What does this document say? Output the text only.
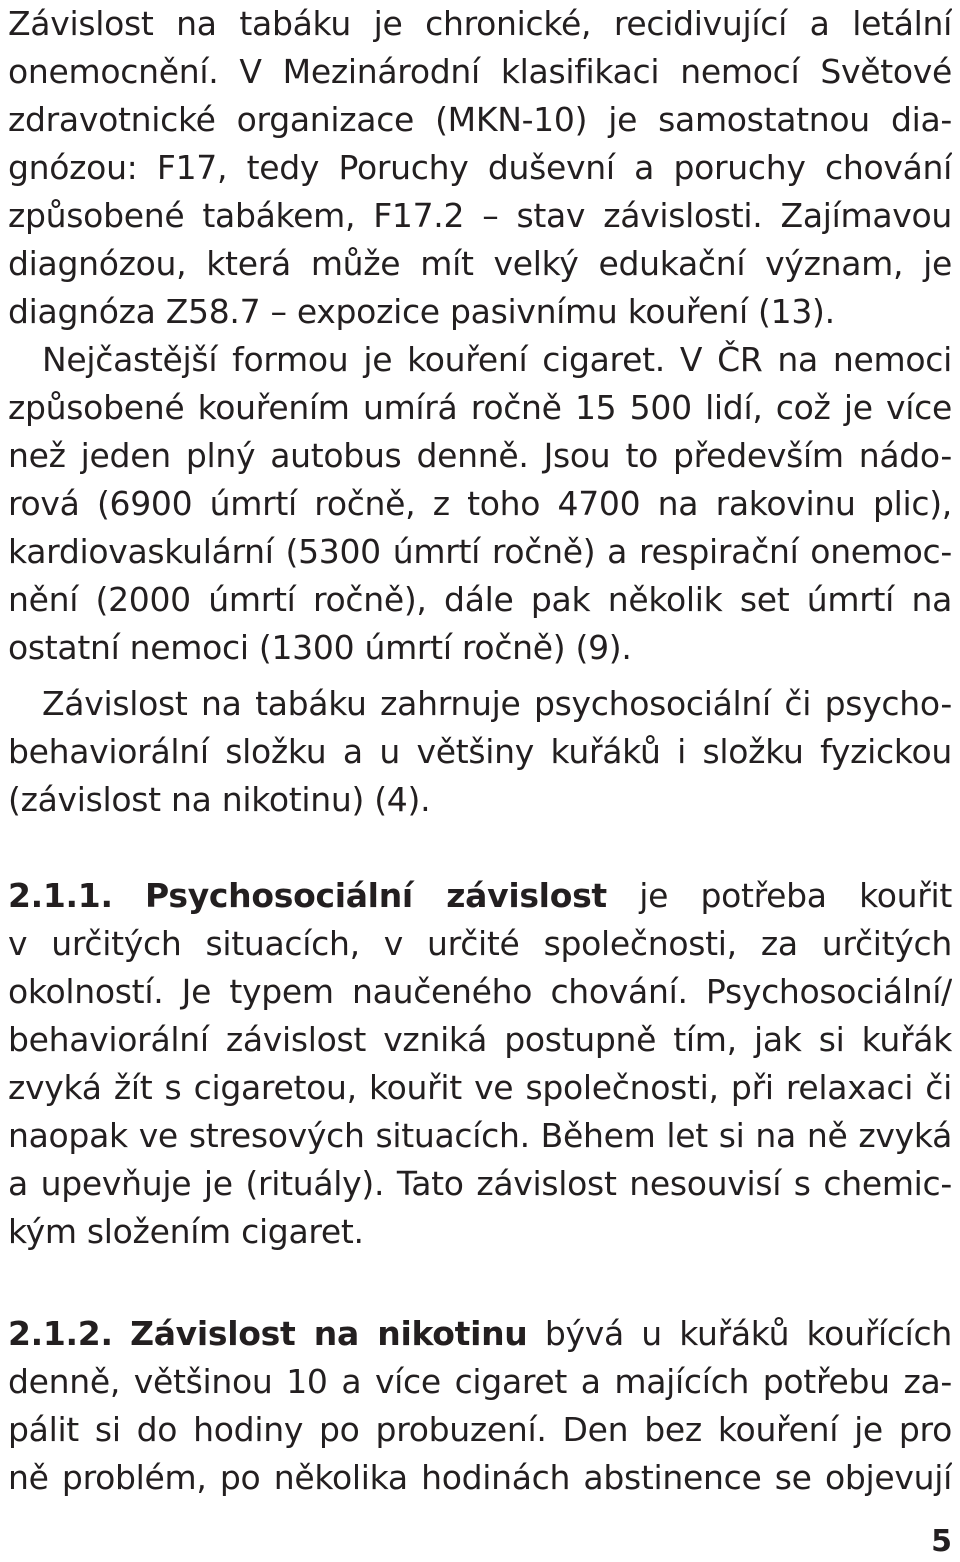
Závislost na tabáku je chronické, recidivující a letální
onemocnění. V Mezinárodní klasifikaci nemocí Světové
zdravotnické organizace (MKN-10) je samostatnou dia-
gnózou: F17, tedy Poruchy duševní a poruchy chování
způsobené tabákem, F17.2 – stav závislosti. Zajímavou
diagnózou, která může mít velký edukační význam, je
diagnóza Z58.7 – expozice pasivnímu kouření (13).
Nejčastější formou je kouření cigaret. V ČR na nemoci
způsobené kouřením umírá ročně 15 500 lidí, což je více
než jeden plný autobus denně. Jsou to především nádo-
rová (6900 úmrtí ročně, z toho 4700 na rakovinu plic),
kardiovaskulární (5300 úmrtí ročně) a respirační onemoc-
nění (2000 úmrtí ročně), dále pak několik set úmrtí na
ostatní nemoci (1300 úmrtí ročně) (9).
Závislost na tabáku zahrnuje psychosociální či psycho-
behaviorální složku a u většiny kuřáků i složku fyzickou
(závislost na nikotinu) (4).
2.1.1. Psychosociální závislost je potřeba kouřit
v určitých situacích, v určité společnosti, za určitých
okolností. Je typem naučeného chování. Psychosociální/
behaviorální závislost vzniká postupně tím, jak si kuřák
zvyká žít s cigaretou, kouřit ve společnosti, při relaxaci či
naopak ve stresových situacích. Během let si na ně zvyká
a upevňuje je (rituály). Tato závislost nesouvisí s chemic-
kým složením cigaret.
2.1.2. Závislost na nikotinu bývá u kuřáků kouřících
denně, většinou 10 a více cigaret a majících potřebu za-
pálit si do hodiny po probuzení. Den bez kouření je pro
ně problém, po několika hodinách abstinence se objevují
5
